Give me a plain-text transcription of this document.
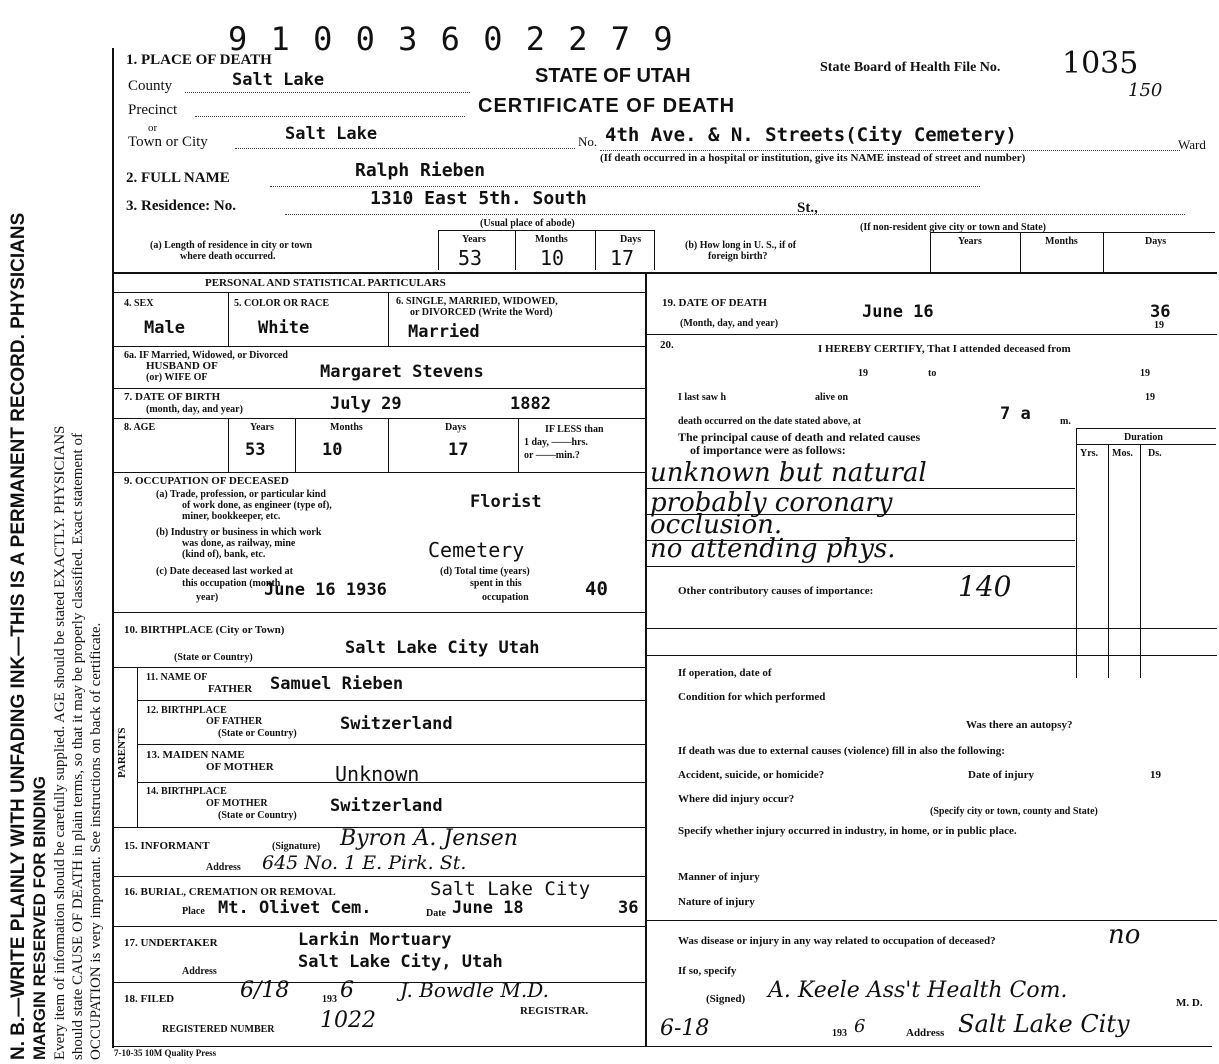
9 1 0 0 3 6 0 2 2 7 9
N. B.—WRITE PLAINLY WITH UNFADING INK—THIS IS A PERMANENT RECORD. PHYSICIANS MARGIN RESERVED FOR BINDING Every item of information should be carefully supplied. AGE should be stated EXACTLY. PHYSICIANS should state CAUSE OF DEATH in plain terms, so that it may be properly classified. Exact statement of OCCUPATION is very important. See instructions on back of certificate.
1. PLACE OF DEATH
County	Salt Lake
Precinct
or
Town or City	Salt Lake
STATE OF UTAH
CERTIFICATE OF DEATH
State Board of Health File No. 1035
150
No. 4th Ave. & N. Streets(City Cemetery)	Ward
(If death occurred in a hospital or institution, give its NAME instead of street and number)
2. FULL NAME	Ralph Rieben
3. Residence: No.	1310 East 5th. South	St.,
(Usual place of abode)	(If non-resident give city or town and State)
(a) Length of residence in city or town
where death occurred.
Years	Months	Days
53	10 17
(b) How long in U. S., if of
foreign birth?
Years	Months	Days
PERSONAL AND STATISTICAL PARTICULARS
4. SEX	5. COLOR OR RACE	6. SINGLE, MARRIED, WIDOWED,
or DIVORCED (Write the Word)
Male	White	Married
6a. IF Married, Widowed, or Divorced
HUSBAND OF
(or) WIFE OF	Margaret Stevens
7. DATE OF BIRTH
(month, day, and year)	July 29	1882
8. AGE	Years	Months	Days	IF LESS than
1 day, ——hrs.
or ——min.?
53	10	17
9. OCCUPATION OF DECEASED
(a) Trade, profession, or particular kind
of work done, as engineer (type of),
miner, bookkeeper, etc.
Florist
(b) Industry or business in which work
was done, as railway, mine
(kind of), bank, etc.	Cemetery
(c) Date deceased last worked at
this occupation (month
year)	June 16 1936
(d) Total time (years)
spent in this
occupation	40
10. BIRTHPLACE (City or Town)
(State or Country)	Salt Lake City Utah
PARENTS
11. NAME OF
FATHER Samuel Rieben
12. BIRTHPLACE
OF FATHER
(State or Country)	Switzerland
13. MAIDEN NAME
OF MOTHER	Unknown
14. BIRTHPLACE
OF MOTHER
(State or Country) Switzerland
15. INFORMANT	(Signature) Byron A. Jensen
Address 645 No. 1 E. Pirk. St.
16. BURIAL, CREMATION OR REMOVAL	Salt Lake City
Place Mt. Olivet Cem.	Date June 18	36
17. UNDERTAKER	Larkin Mortuary
Address	Salt Lake City, Utah
18. FILED	6/18	193 6 J. Bowdle M.D.
REGISTRAR.
REGISTERED NUMBER 1022
7-10-35 10M Quality Press
19. DATE OF DEATH
(Month, day, and year)
June 16	36
19
20.	I HEREBY CERTIFY, That I attended deceased from
19	to	19
I last saw h	alive on	19
death occurred on the date stated above, at	7 a	m.
The principal cause of death and related causes
of importance were as follows:
Duration
Yrs. Mos. Ds.
unknown but natural
probably coronary
occlusion.
no attending phys.
Other contributory causes of importance:	140
If operation, date of
Condition for which performed
Was there an autopsy?
If death was due to external causes (violence) fill in also the following:
Accident, suicide, or homicide?	Date of injury	19
Where did injury occur?
(Specify city or town, county and State)
Specify whether injury occurred in industry, in home, or in public place.
Manner of injury
Nature of injury
Was disease or injury in any way related to occupation of deceased?	no
If so, specify
(Signed) A. Keele Ass't Health Com.	M. D.
6-18	193 6	Address Salt Lake City
